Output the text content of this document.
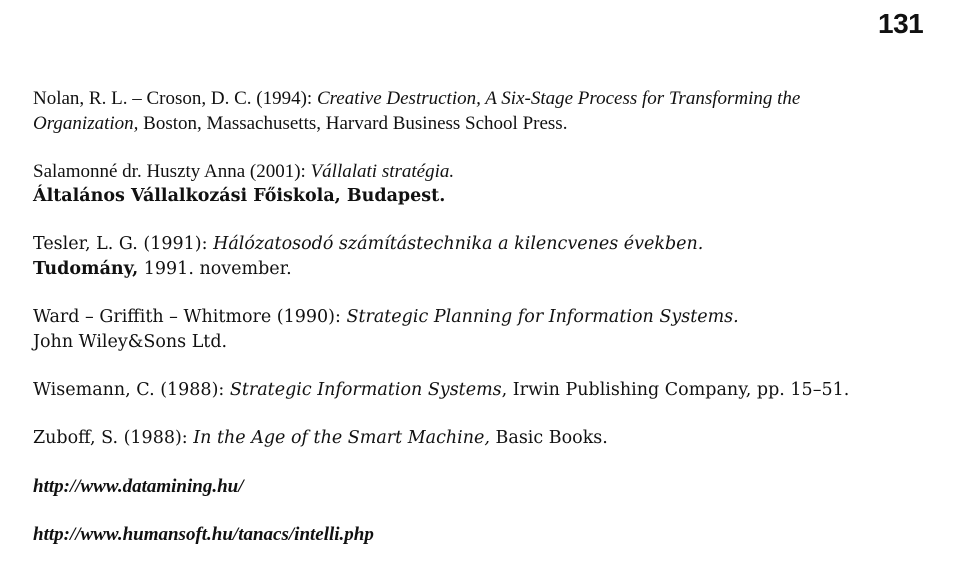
131
Nolan, R. L. – Croson, D. C. (1994): Creative Destruction, A Six-Stage Process for Transforming the
Organization, Boston, Massachusetts, Harvard Business School Press.
Salamonné dr. Huszty Anna (2001): Vállalati stratégia.
Általános Vállalkozási Főiskola, Budapest.
Tesler, L. G. (1991): Hálózatosodó számítástechnika a kilencvenes években.
Tudomány, 1991. november.
Ward – Griffith – Whitmore (1990): Strategic Planning for Information Systems.
John Wiley&Sons Ltd.
Wisemann, C. (1988): Strategic Information Systems, Irwin Publishing Company, pp. 15–51.
Zuboff, S. (1988): In the Age of the Smart Machine, Basic Books.
http://www.datamining.hu/
http://www.humansoft.hu/tanacs/intelli.php
